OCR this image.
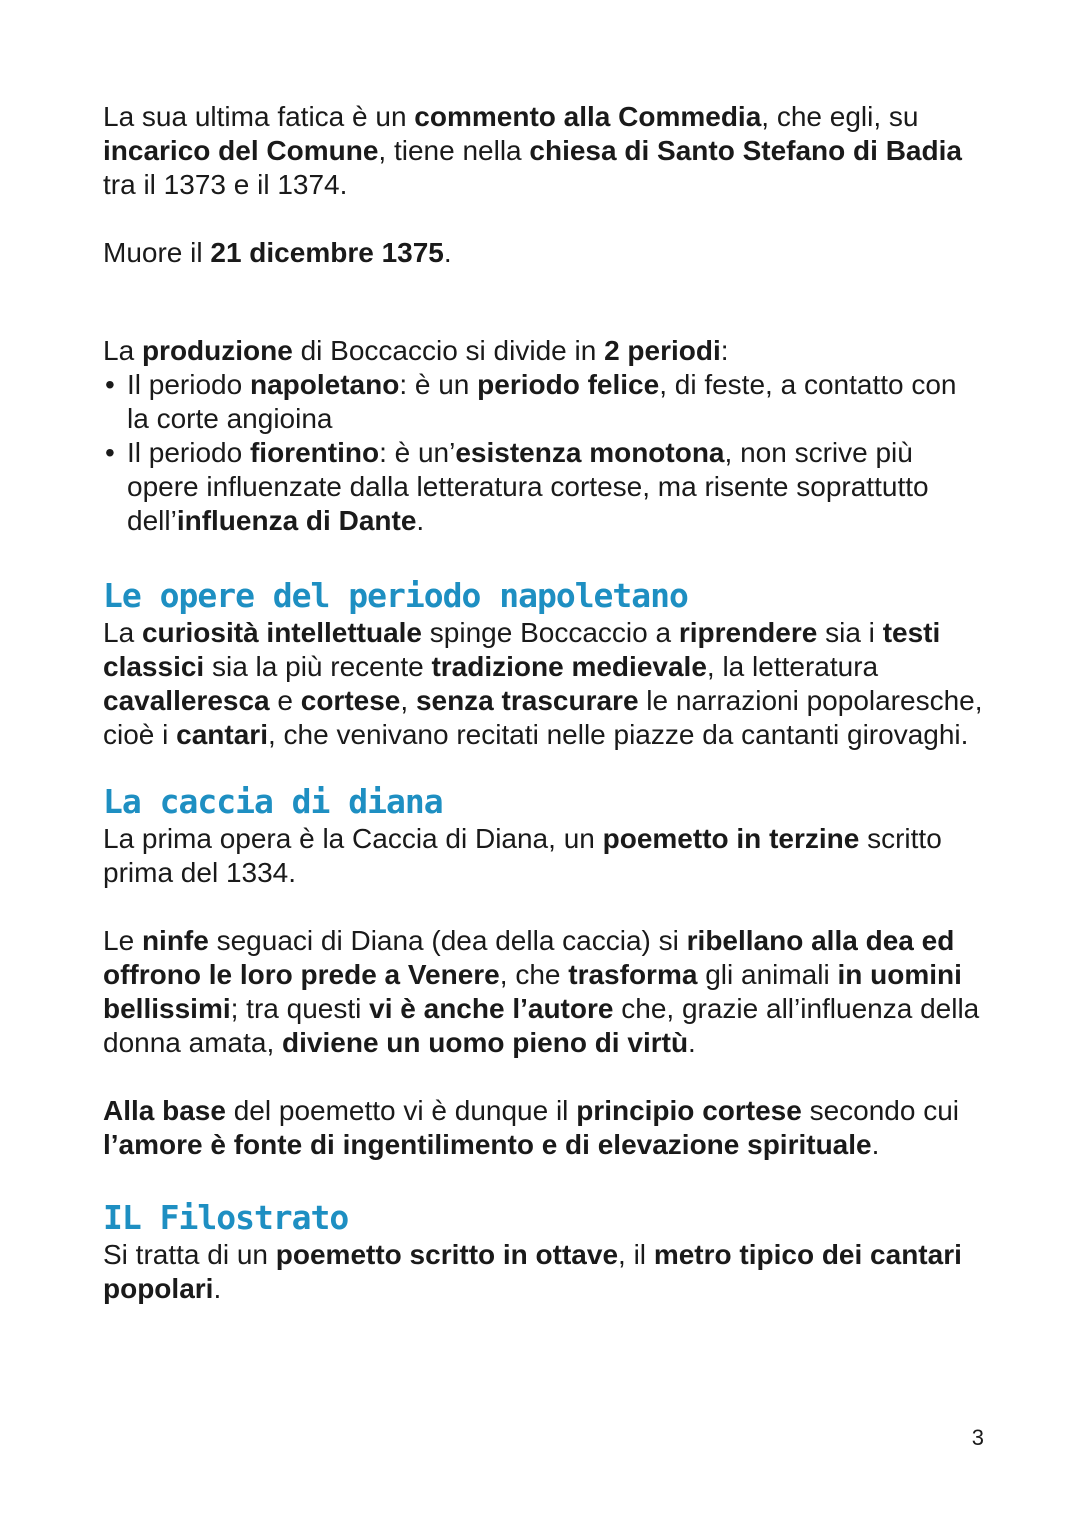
La sua ultima fatica è un commento alla Commedia, che egli, su incarico del Comune, tiene nella chiesa di Santo Stefano di Badia tra il 1373 e il 1374.

Muore il 21 dicembre 1375.

La produzione di Boccaccio si divide in 2 periodi:

• Il periodo napoletano: è un periodo felice, di feste, a contatto con la corte angioina
• Il periodo fiorentino: è un’esistenza monotona, non scrive più opere influenzate dalla letteratura cortese, ma risente soprattutto dell’influenza di Dante.
Le opere del periodo napoletano

La curiosità intellettuale spinge Boccaccio a riprendere sia i testi classici sia la più recente tradizione medievale, la letteratura cavalleresca e cortese, senza trascurare le narrazioni popolaresche, cioè i cantari, che venivano recitati nelle piazze da cantanti girovaghi.

La caccia di diana

La prima opera è la Caccia di Diana, un poemetto in terzine scritto prima del 1334.

Le ninfe seguaci di Diana (dea della caccia) si ribellano alla dea ed offrono le loro prede a Venere, che trasforma gli animali in uomini bellissimi; tra questi vi è anche l’autore che, grazie all’influenza della donna amata, diviene un uomo pieno di virtù.

Alla base del poemetto vi è dunque il principio cortese secondo cui l’amore è fonte di ingentilimento e di elevazione spirituale.

IL Filostrato

Si tratta di un poemetto scritto in ottave, il metro tipico dei cantari popolari.

3
